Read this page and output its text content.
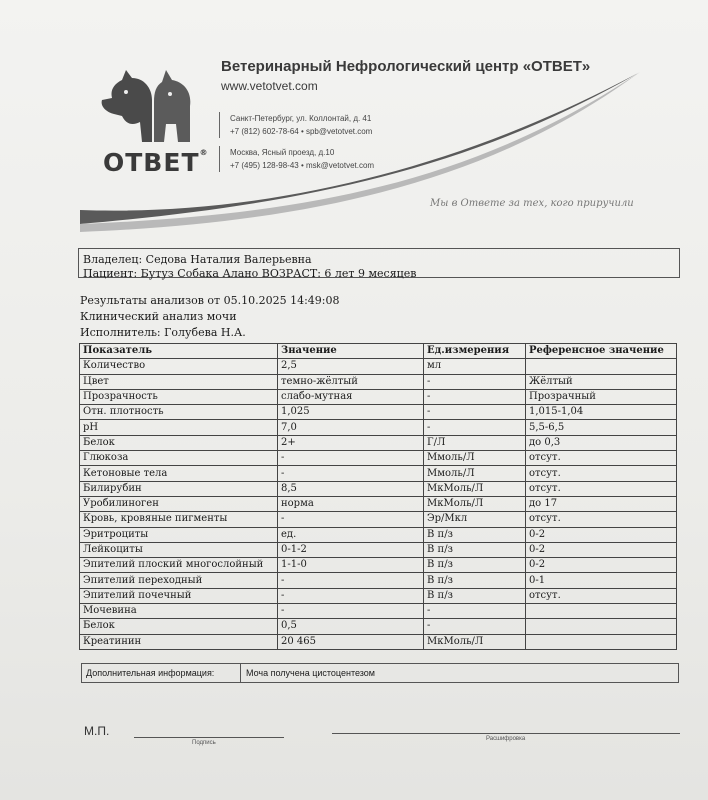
ОТВЕТ®
Ветеринарный Нефрологический центр «ОТВЕТ»
www.vetotvet.com
Санкт-Петербург, ул. Коллонтай, д. 41
+7 (812) 602-78-64 • spb@vetotvet.com
Москва, Ясный проезд, д.10
+7 (495) 128-98-43 • msk@vetotvet.com
Мы в Ответе за тех, кого приручили
Владелец: Седова Наталия Валерьевна
Пациент: Бутуз Собака Алано ВОЗРАСТ: 6 лет 9 месяцев
Результаты анализов от 05.10.2025 14:49:08
Клинический анализ мочи
Исполнитель: Голубева Н.А.
Показатель	Значение	Ед.измерения	Референсное значение
Количество	2,5	мл	
Цвет	темно-жёлтый	-	Жёлтый
Прозрачность	слабо-мутная	-	Прозрачный
Отн. плотность	1,025	-	1,015-1,04
pH	7,0	-	5,5-6,5
Белок	2+	Г/Л	до 0,3
Глюкоза	-	Ммоль/Л	отсут.
Кетоновые тела	-	Ммоль/Л	отсут.
Билирубин	8,5	МкМоль/Л	отсут.
Уробилиноген	норма	МкМоль/Л	до 17
Кровь, кровяные пигменты	-	Эр/Мкл	отсут.
Эритроциты	ед.	В п/з	0-2
Лейкоциты	0-1-2	В п/з	0-2
Эпителий плоский многослойный	1-1-0	В п/з	0-2
Эпителий переходный	-	В п/з	0-1
Эпителий почечный	-	В п/з	отсут.
Мочевина	-	-	
Белок	0,5	-	
Креатинин	20 465	МкМоль/Л	
Дополнительная информация:	Моча получена цистоцентезом
М.П.
Подпись
Расшифровка
